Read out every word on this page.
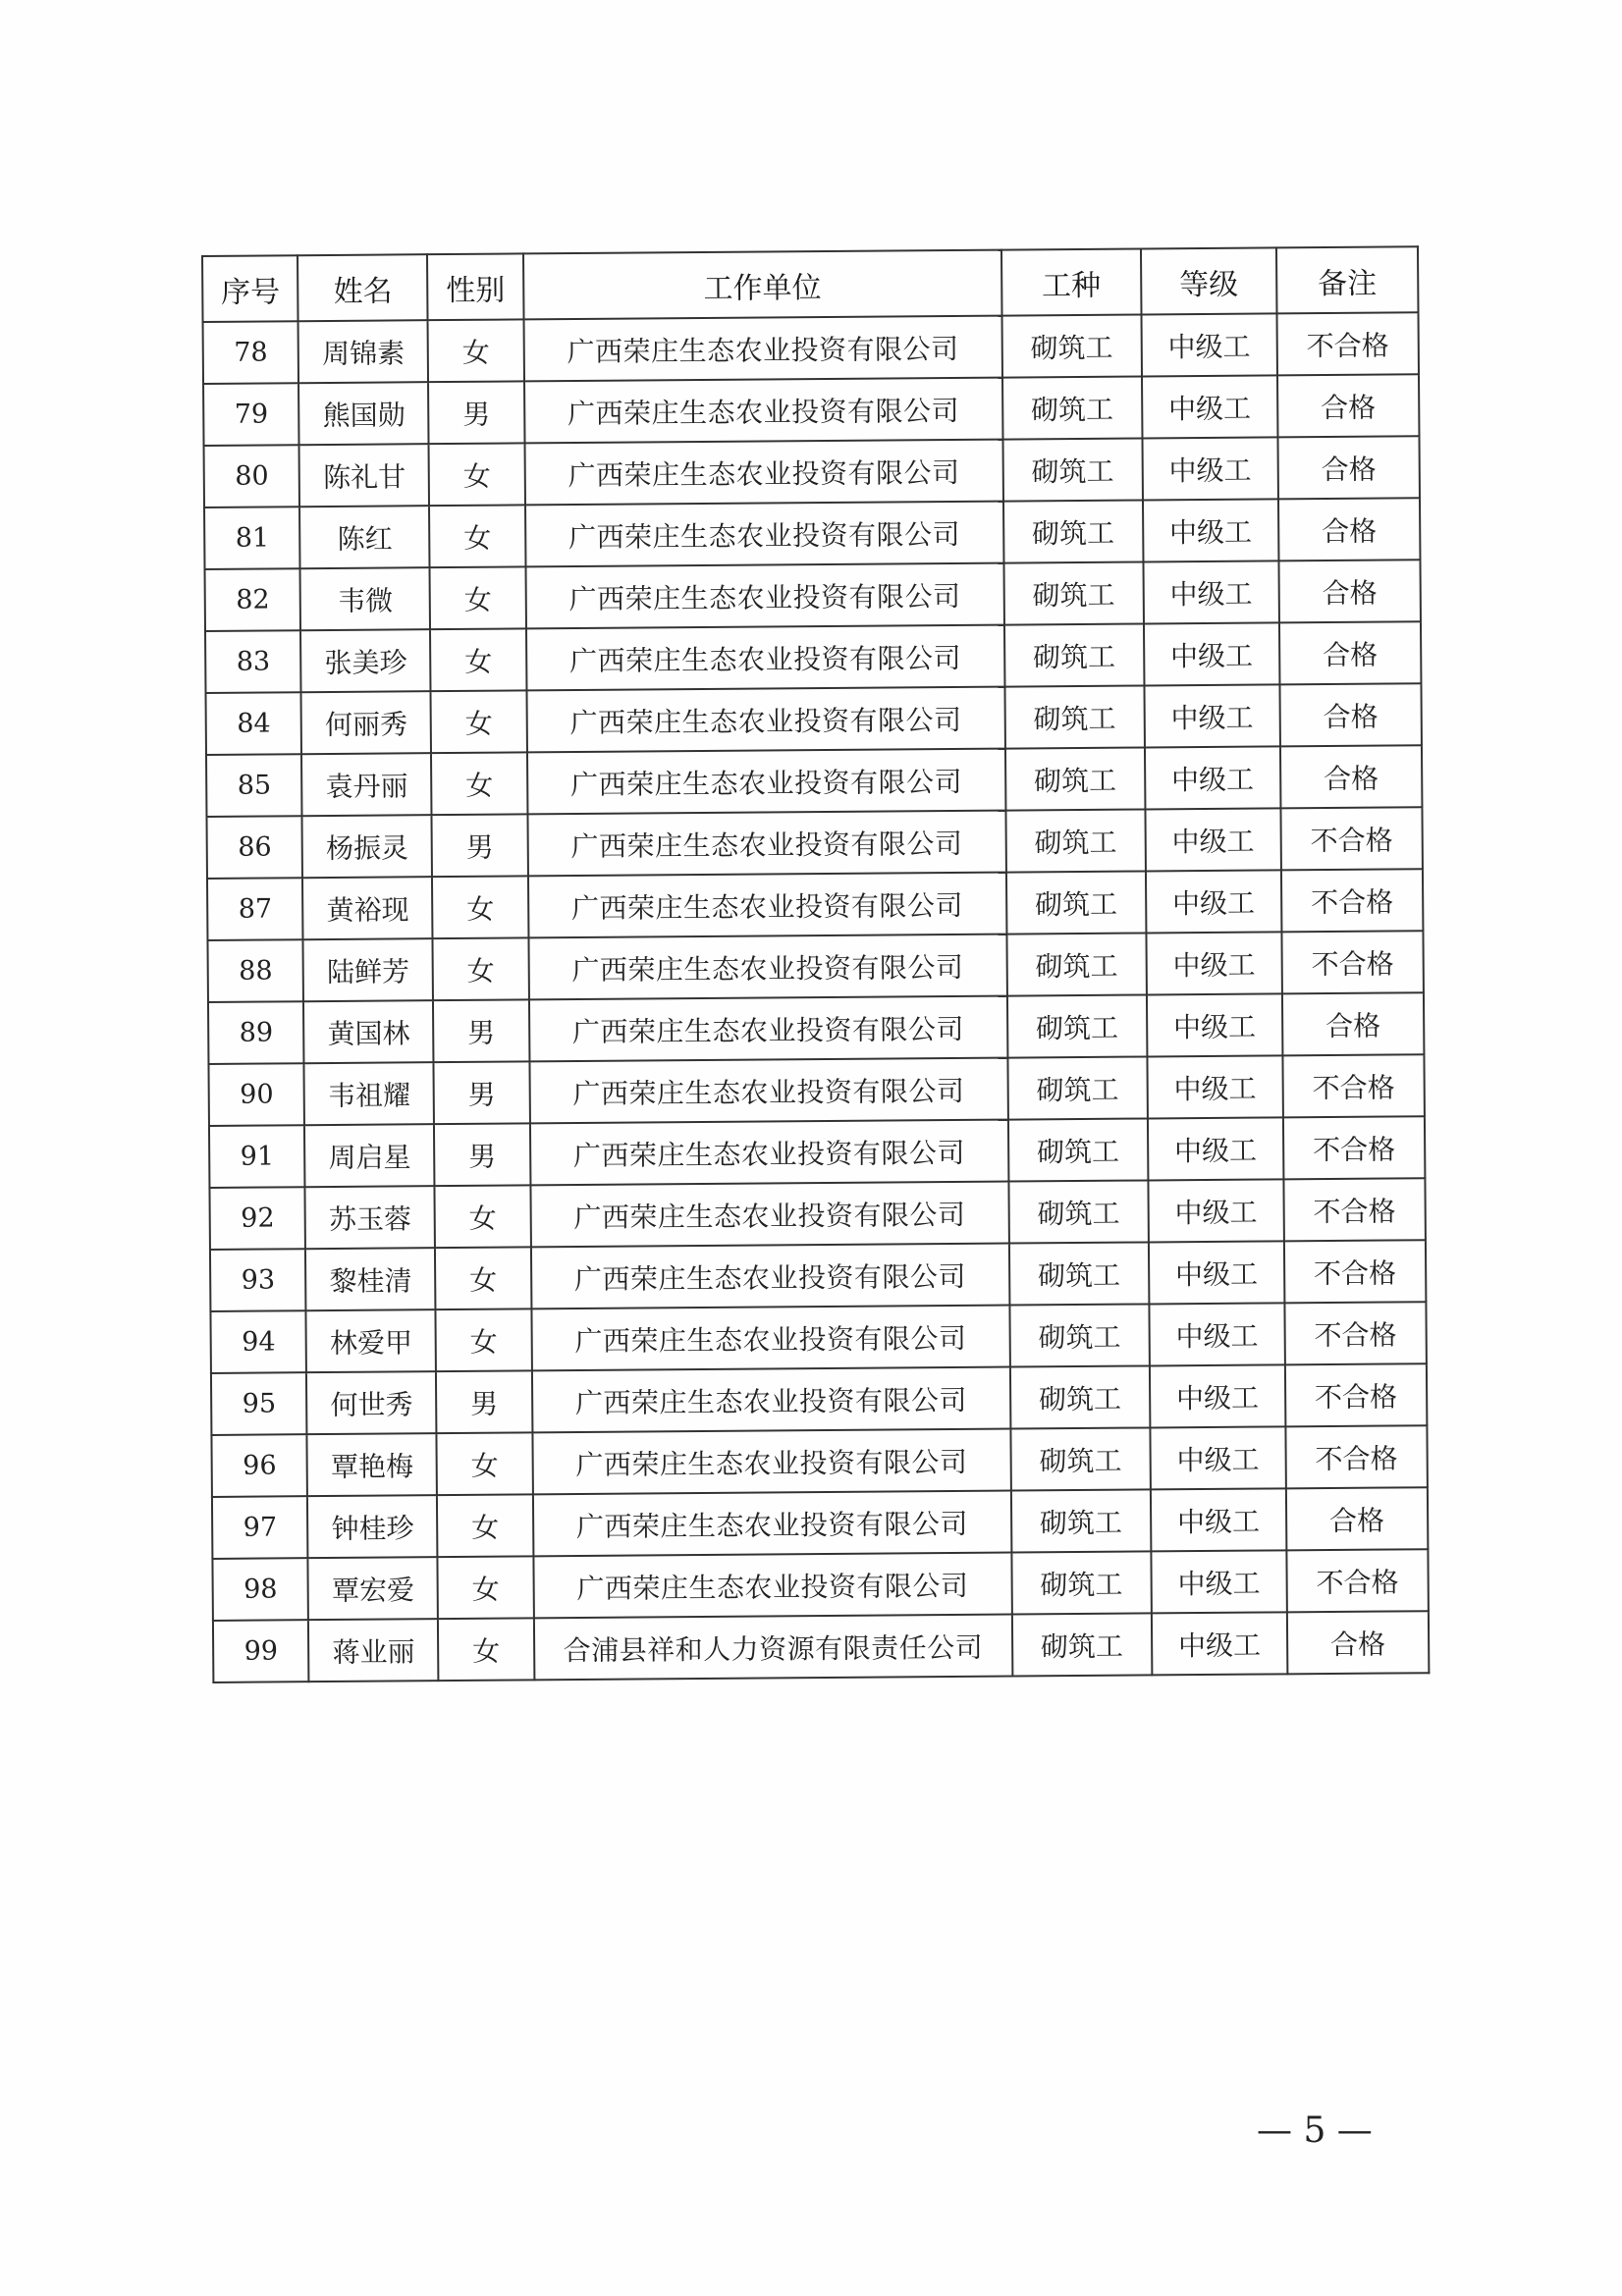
序号	姓名	性别	工作单位	工种	等级	备注
78	周锦素	女	广西荣庄生态农业投资有限公司	砌筑工	中级工	不合格
79	熊国勋	男	广西荣庄生态农业投资有限公司	砌筑工	中级工	合格
80	陈礼甘	女	广西荣庄生态农业投资有限公司	砌筑工	中级工	合格
81	陈红	女	广西荣庄生态农业投资有限公司	砌筑工	中级工	合格
82	韦微	女	广西荣庄生态农业投资有限公司	砌筑工	中级工	合格
83	张美珍	女	广西荣庄生态农业投资有限公司	砌筑工	中级工	合格
84	何丽秀	女	广西荣庄生态农业投资有限公司	砌筑工	中级工	合格
85	袁丹丽	女	广西荣庄生态农业投资有限公司	砌筑工	中级工	合格
86	杨振灵	男	广西荣庄生态农业投资有限公司	砌筑工	中级工	不合格
87	黄裕现	女	广西荣庄生态农业投资有限公司	砌筑工	中级工	不合格
88	陆鲜芳	女	广西荣庄生态农业投资有限公司	砌筑工	中级工	不合格
89	黄国林	男	广西荣庄生态农业投资有限公司	砌筑工	中级工	合格
90	韦祖耀	男	广西荣庄生态农业投资有限公司	砌筑工	中级工	不合格
91	周启星	男	广西荣庄生态农业投资有限公司	砌筑工	中级工	不合格
92	苏玉蓉	女	广西荣庄生态农业投资有限公司	砌筑工	中级工	不合格
93	黎桂清	女	广西荣庄生态农业投资有限公司	砌筑工	中级工	不合格
94	林爱甲	女	广西荣庄生态农业投资有限公司	砌筑工	中级工	不合格
95	何世秀	男	广西荣庄生态农业投资有限公司	砌筑工	中级工	不合格
96	覃艳梅	女	广西荣庄生态农业投资有限公司	砌筑工	中级工	不合格
97	钟桂珍	女	广西荣庄生态农业投资有限公司	砌筑工	中级工	合格
98	覃宏爱	女	广西荣庄生态农业投资有限公司	砌筑工	中级工	不合格
99	蒋业丽	女	合浦县祥和人力资源有限责任公司	砌筑工	中级工	合格
— 5 —
